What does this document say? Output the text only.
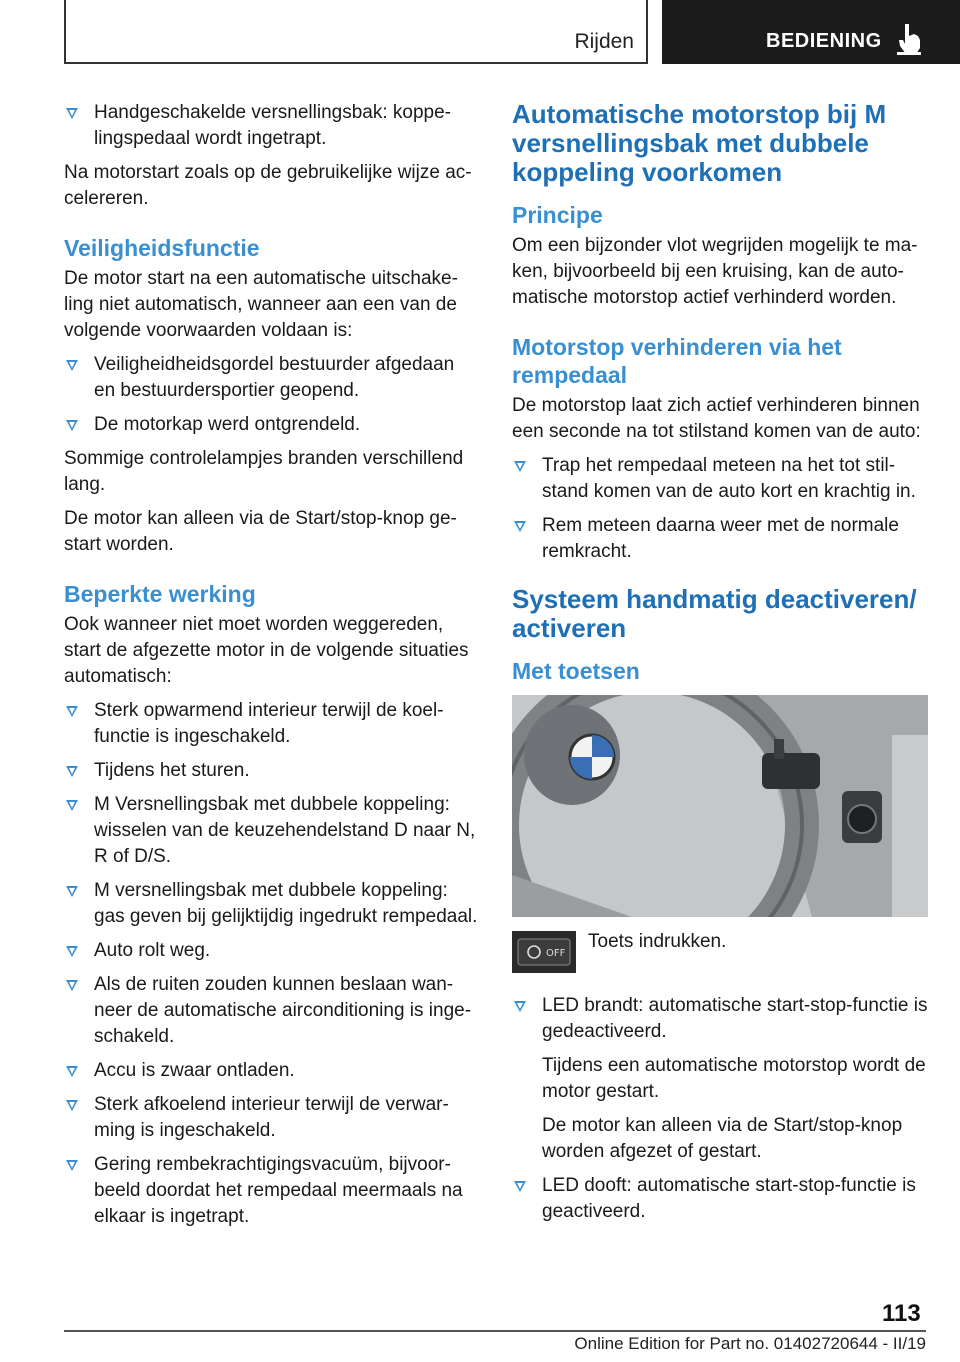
Rijden	BEDIENING
Handgeschakelde versnellingsbak: koppe-lingspedaal wordt ingetrapt.

Na motorstart zoals op de gebruikelijke wijze ac-celereren.

Veiligheidsfunctie

De motor start na een automatische uitschake-ling niet automatisch, wanneer aan een van de volgende voorwaarden voldaan is:

Veiligheidheidsgordel bestuurder afgedaan en bestuurdersportier geopend.
De motorkap werd ontgrendeld.

Sommige controlelampjes branden verschillend lang.

De motor kan alleen via de Start/stop-knop ge-start worden.

Beperkte werking

Ook wanneer niet moet worden weggereden, start de afgezette motor in de volgende situaties automatisch:

Sterk opwarmend interieur terwijl de koel-functie is ingeschakeld.
Tijdens het sturen.
M Versnellingsbak met dubbele koppeling: wisselen van de keuzehendelstand D naar N, R of D/S.
M versnellingsbak met dubbele koppeling: gas geven bij gelijktijdig ingedrukt rempedaal.
Auto rolt weg.
Als de ruiten zouden kunnen beslaan wan-neer de automatische airconditioning is inge-schakeld.
Accu is zwaar ontladen.
Sterk afkoelend interieur terwijl de verwar-ming is ingeschakeld.
Gering rembekrachtigingsvacuüm, bijvoor-beeld doordat het rempedaal meermaals na elkaar is ingetrapt.
Automatische motorstop bij M versnellingsbak met dubbele koppeling voorkomen
Principe

Om een bijzonder vlot wegrijden mogelijk te ma-ken, bijvoorbeeld bij een kruising, kan de auto-matische motorstop actief verhinderd worden.

Motorstop verhinderen via het rempedaal

De motorstop laat zich actief verhinderen binnen een seconde na tot stilstand komen van de auto:

Trap het rempedaal meteen na het tot stil-stand komen van de auto kort en krachtig in.
Rem meteen daarna weer met de normale remkracht.
Systeem handmatig deactiveren/ activeren
Met toetsen
OFF
Toets indrukken.
LED brandt: automatische start-stop-functie is gedeactiveerd.
Tijdens een automatische motorstop wordt de motor gestart.
De motor kan alleen via de Start/stop-knop worden afgezet of gestart.
LED dooft: automatische start-stop-functie is geactiveerd.
113
Online Edition for Part no. 01402720644 - II/19
